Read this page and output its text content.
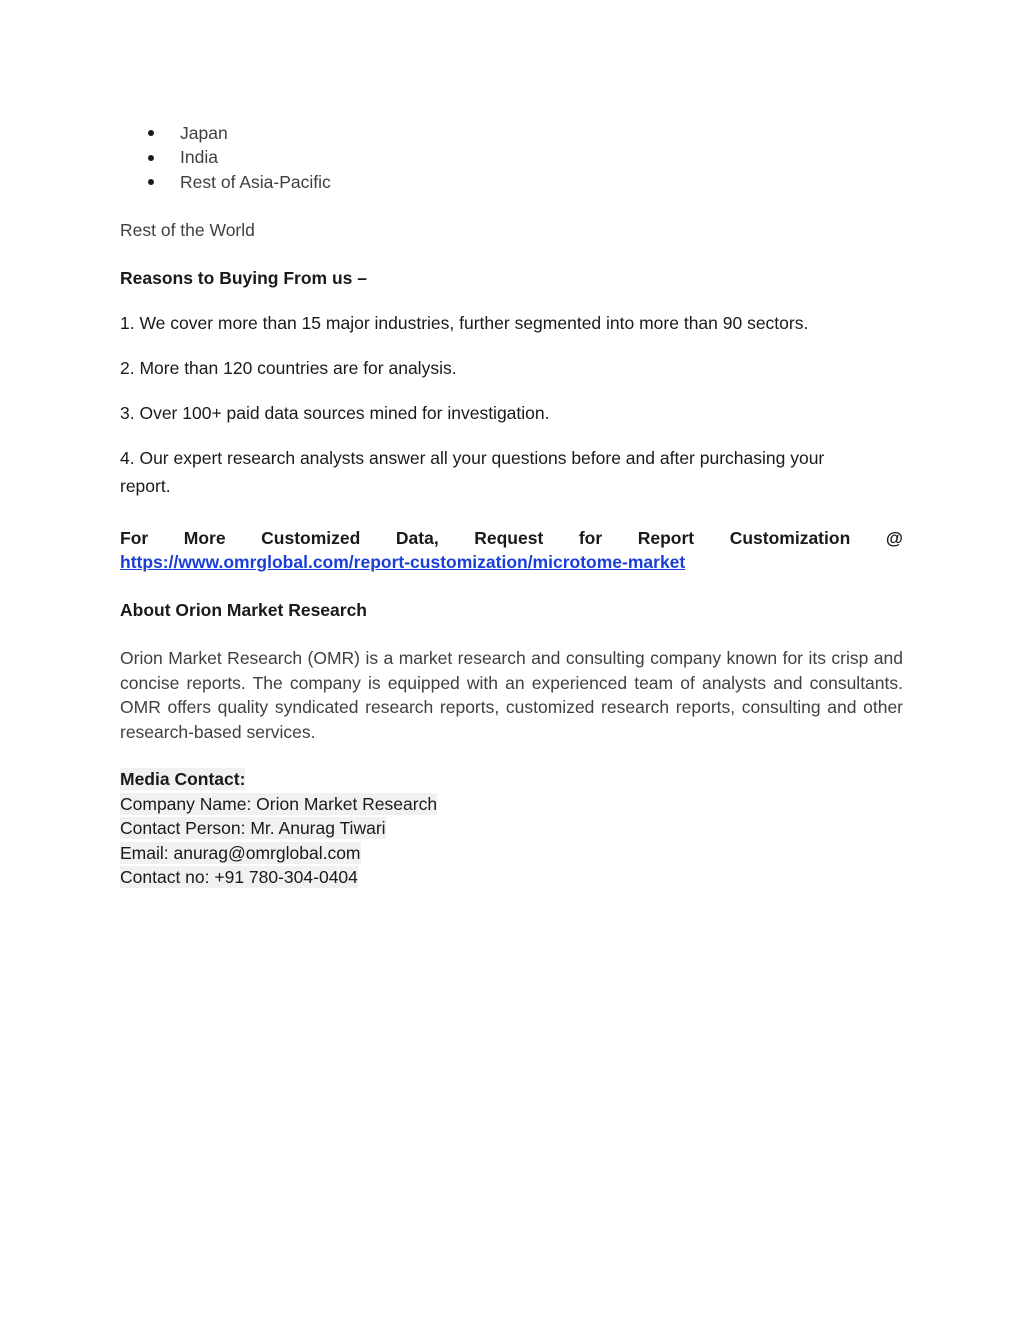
Japan
India
Rest of Asia-Pacific
Rest of the World
Reasons to Buying From us –
1. We cover more than 15 major industries, further segmented into more than 90 sectors.
2. More than 120 countries are for analysis.
3. Over 100+ paid data sources mined for investigation.
4. Our expert research analysts answer all your questions before and after purchasing your
report.
For More Customized Data, Request for Report Customization @
https://www.omrglobal.com/report-customization/microtome-market
About Orion Market Research
Orion Market Research (OMR) is a market research and consulting company known for its crisp and concise reports. The company is equipped with an experienced team of analysts and consultants. OMR offers quality syndicated research reports, customized research reports, consulting and other research-based services.
Media Contact:
Company Name: Orion Market Research
Contact Person: Mr. Anurag Tiwari
Email: anurag@omrglobal.com
Contact no: +91 780-304-0404
